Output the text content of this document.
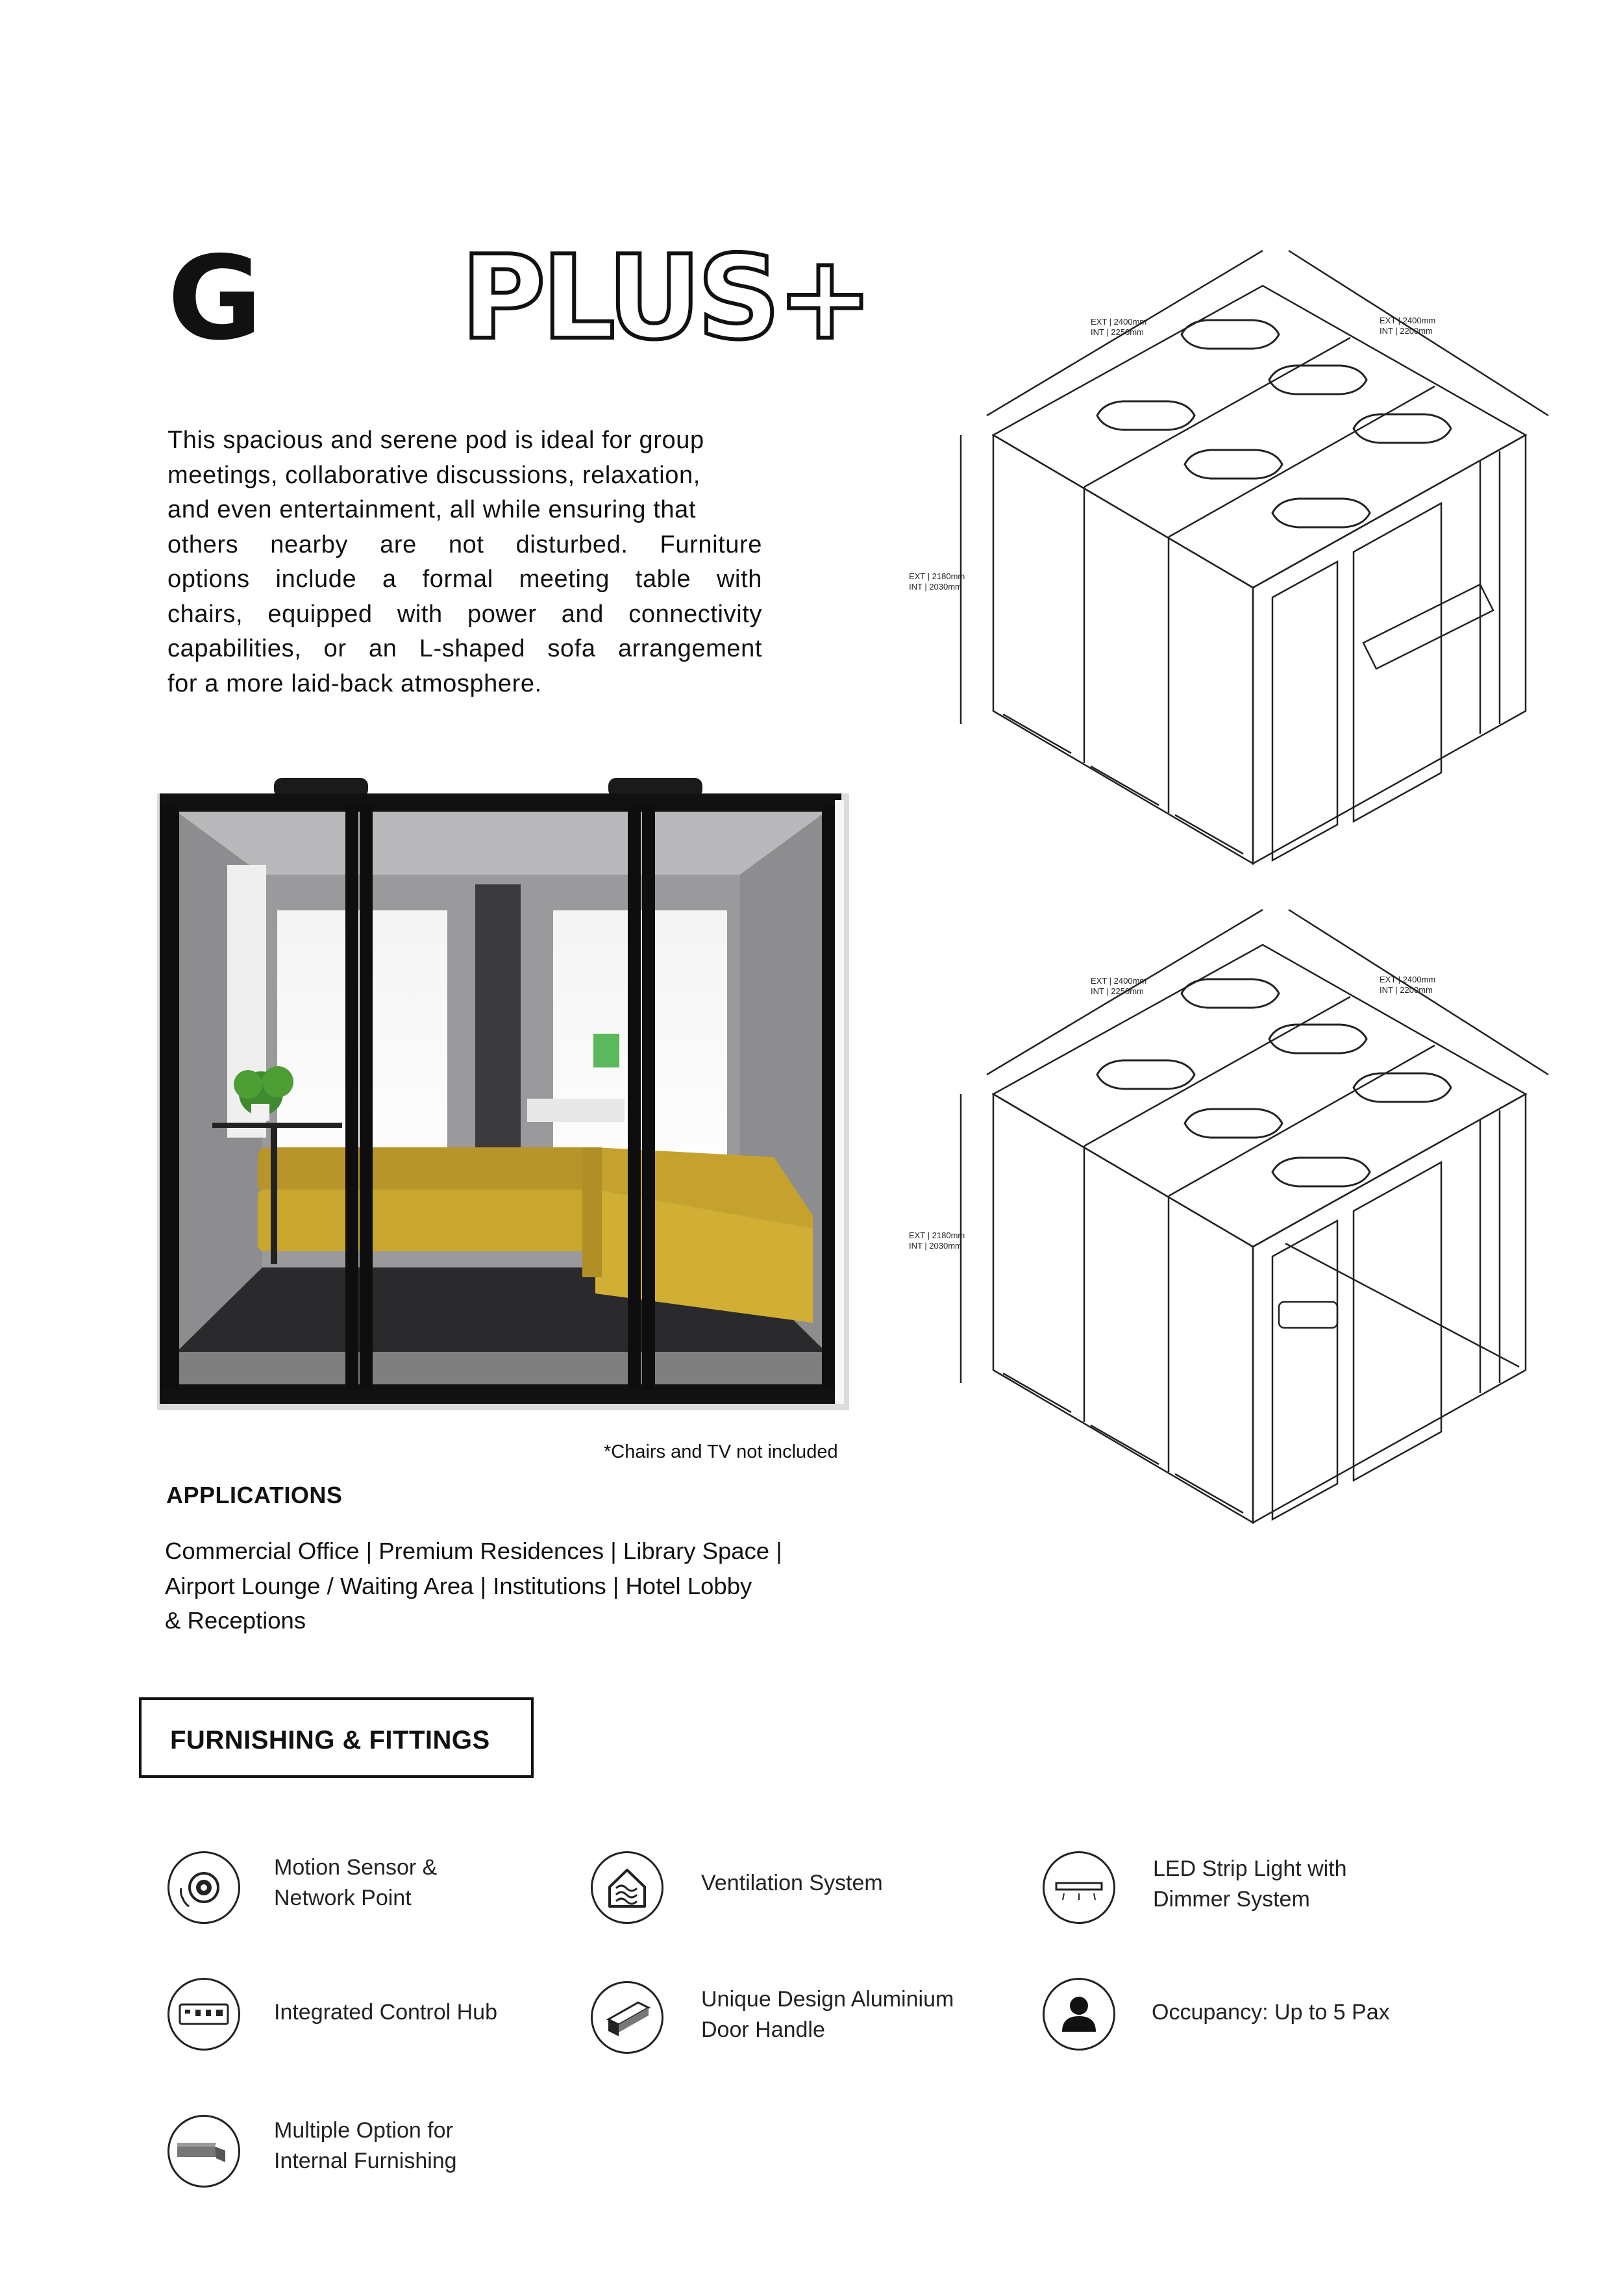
G PLUS+
This spacious and serene pod is ideal for group
meetings, collaborative discussions, relaxation,
and even entertainment, all while ensuring that
others nearby are not disturbed. Furniture
options include a formal meeting table with
chairs, equipped with power and connectivity
capabilities, or an L-shaped sofa arrangement
for a more laid-back atmosphere.
*Chairs and TV not included
EXT | 2400mm
INT | 2250mm
EXT | 2400mm
INT | 2200mm
EXT | 2180mm
INT | 2030mm
EXT | 2400mm
INT | 2250mm
EXT | 2400mm
INT | 2200mm
EXT | 2180mm
INT | 2030mm
APPLICATIONS
Commercial Office | Premium Residences | Library Space |
Airport Lounge / Waiting Area | Institutions | Hotel Lobby
& Receptions
FURNISHING & FITTINGS
Motion Sensor &
Network Point
Ventilation System
LED Strip Light with
Dimmer System
Integrated Control Hub
Unique Design Aluminium
Door Handle
Occupancy: Up to 5 Pax
Multiple Option for
Internal Furnishing
